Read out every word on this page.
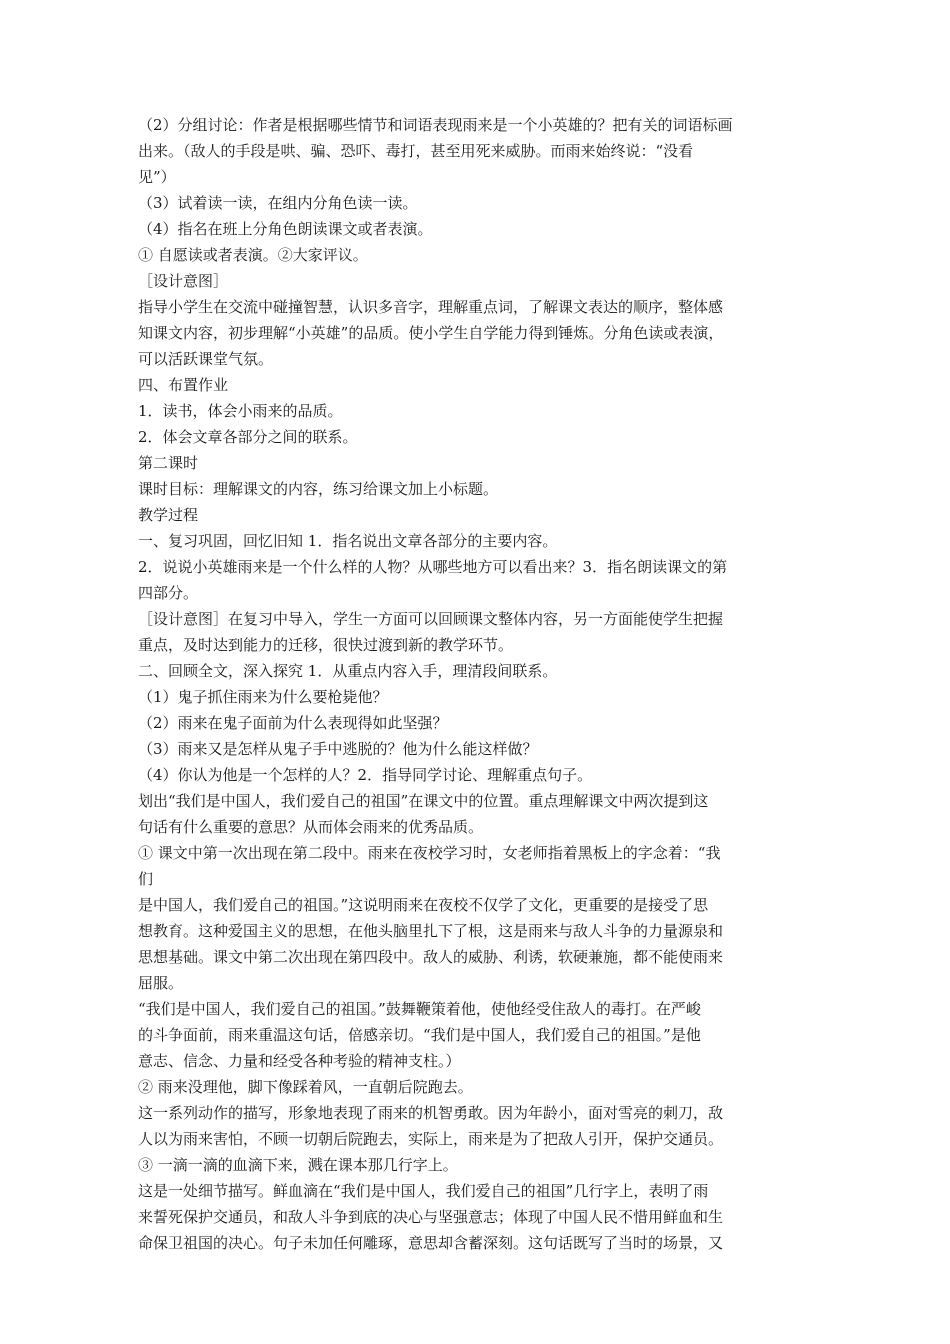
（2）分组讨论：作者是根据哪些情节和词语表现雨来是一个小英雄的？把有关的词语标画
出来。（敌人的手段是哄、骗、恐吓、毒打，甚至用死来威胁。而雨来始终说：“没看
见”）
（3）试着读一读，在组内分角色读一读。
（4）指名在班上分角色朗读课文或者表演。
① 自愿读或者表演。②大家评议。
［设计意图］
指导小学生在交流中碰撞智慧，认识多音字，理解重点词，了解课文表达的顺序，整体感
知课文内容，初步理解“小英雄”的品质。使小学生自学能力得到锤炼。分角色读或表演，
可以活跃课堂气氛。
四、布置作业
1．读书，体会小雨来的品质。
2．体会文章各部分之间的联系。
第二课时
课时目标：理解课文的内容，练习给课文加上小标题。
教学过程
一、复习巩固，回忆旧知 1．指名说出文章各部分的主要内容。
2．说说小英雄雨来是一个什么样的人物？从哪些地方可以看出来？3．指名朗读课文的第
四部分。
［设计意图］在复习中导入，学生一方面可以回顾课文整体内容，另一方面能使学生把握
重点，及时达到能力的迁移，很快过渡到新的教学环节。
二、回顾全文，深入探究 1．从重点内容入手，理清段间联系。
（1）鬼子抓住雨来为什么要枪毙他？
（2）雨来在鬼子面前为什么表现得如此坚强？
（3）雨来又是怎样从鬼子手中逃脱的？他为什么能这样做？
（4）你认为他是一个怎样的人？2．指导同学讨论、理解重点句子。
划出“我们是中国人，我们爱自己的祖国”在课文中的位置。重点理解课文中两次提到这
句话有什么重要的意思？从而体会雨来的优秀品质。
① 课文中第一次出现在第二段中。雨来在夜校学习时，女老师指着黑板上的字念着：“我
们
是中国人，我们爱自己的祖国。”这说明雨来在夜校不仅学了文化，更重要的是接受了思
想教育。这种爱国主义的思想，在他头脑里扎下了根，这是雨来与敌人斗争的力量源泉和
思想基础。课文中第二次出现在第四段中。敌人的威胁、利诱，软硬兼施，都不能使雨来
屈服。
“我们是中国人，我们爱自己的祖国。”鼓舞鞭策着他，使他经受住敌人的毒打。在严峻
的斗争面前，雨来重温这句话，倍感亲切。“我们是中国人，我们爱自己的祖国。”是他
意志、信念、力量和经受各种考验的精神支柱。）
② 雨来没理他，脚下像踩着风，一直朝后院跑去。
这一系列动作的描写，形象地表现了雨来的机智勇敢。因为年龄小，面对雪亮的刺刀，敌
人以为雨来害怕，不顾一切朝后院跑去，实际上，雨来是为了把敌人引开，保护交通员。
③ 一滴一滴的血滴下来，溅在课本那几行字上。
这是一处细节描写。鲜血滴在“我们是中国人，我们爱自己的祖国”几行字上，表明了雨
来誓死保护交通员，和敌人斗争到底的决心与坚强意志；体现了中国人民不惜用鲜血和生
命保卫祖国的决心。句子未加任何雕琢，意思却含蓄深刻。这句话既写了当时的场景，又
